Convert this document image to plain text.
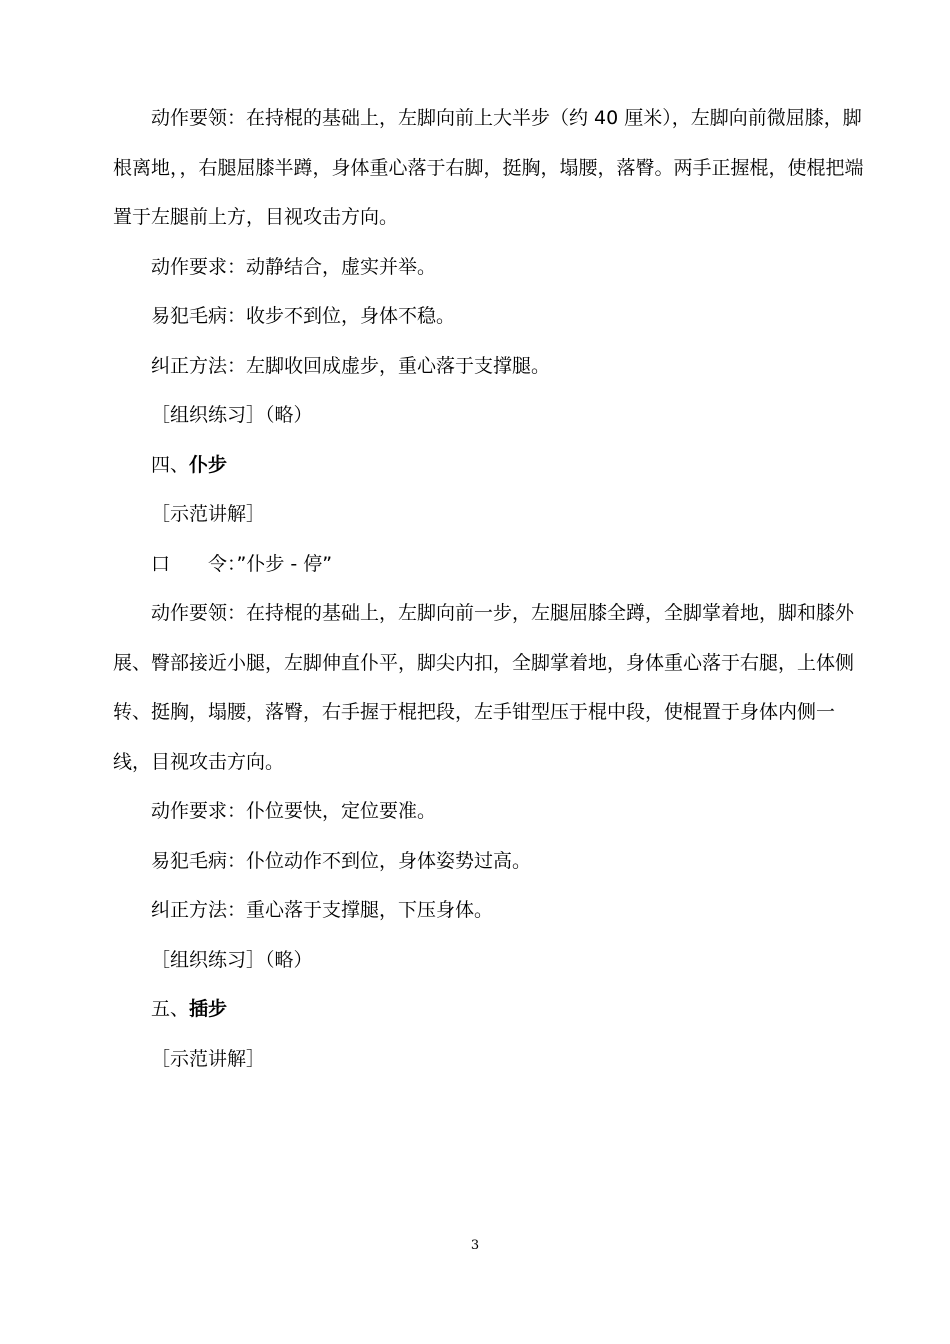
动作要领：在持棍的基础上，左脚向前上大半步（约 40 厘米），左脚向前微屈膝，脚根离地，，右腿屈膝半蹲，身体重心落于右脚，挺胸，塌腰，落臀。两手正握棍，使棍把端置于左腿前上方，目视攻击方向。

动作要求：动静结合，虚实并举。

易犯毛病：收步不到位，身体不稳。

纠正方法：左脚收回成虚步，重心落于支撑腿。

［组织练习］（略）

四、仆步

［示范讲解］

口 令：”仆步 - 停”

动作要领：在持棍的基础上，左脚向前一步，左腿屈膝全蹲，全脚掌着地，脚和膝外展、臀部接近小腿，左脚伸直仆平，脚尖内扣，全脚掌着地，身体重心落于右腿，上体侧转、挺胸，塌腰，落臀，右手握于棍把段，左手钳型压于棍中段，使棍置于身体内侧一线，目视攻击方向。

动作要求：仆位要快，定位要准。

易犯毛病：仆位动作不到位，身体姿势过高。

纠正方法：重心落于支撑腿，下压身体。

［组织练习］（略）

五、插步

［示范讲解］

3
